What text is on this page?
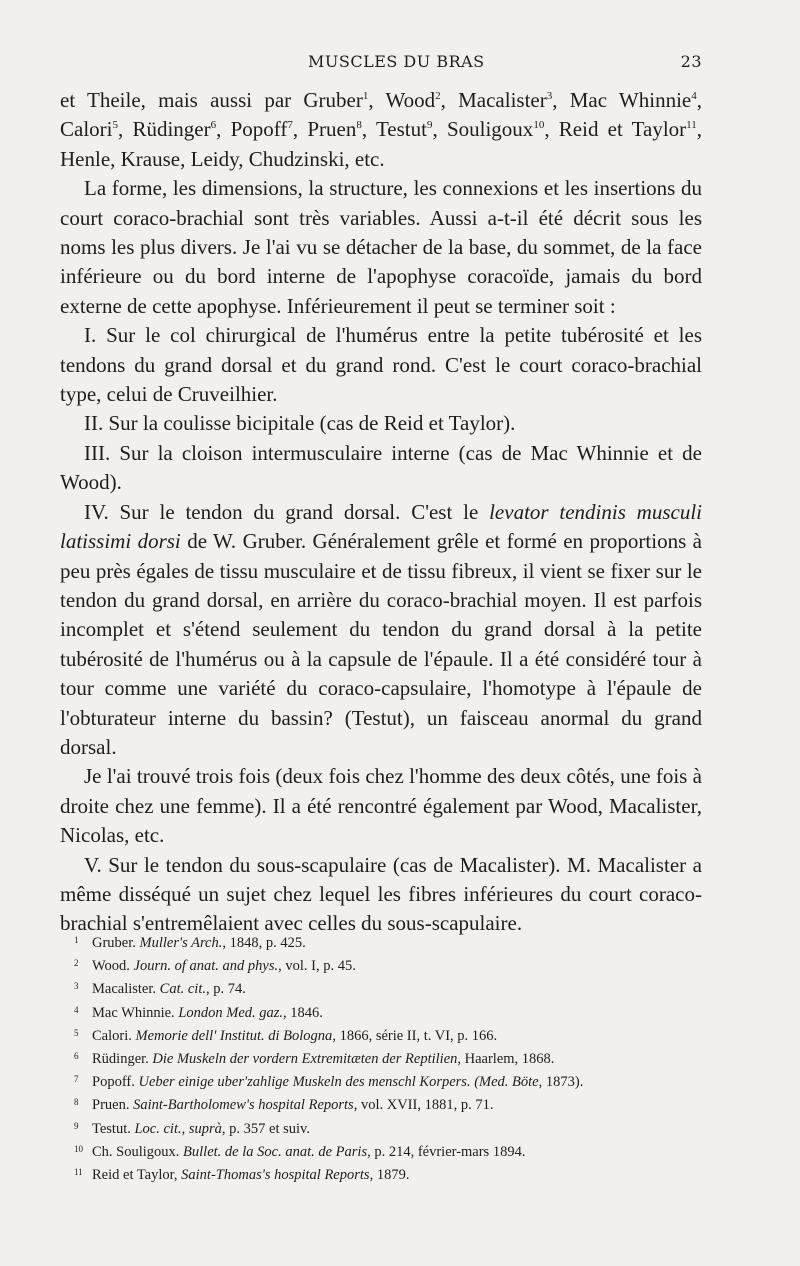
MUSCLES DU BRAS	23

et Theile, mais aussi par Gruber$^1$, Wood$^2$, Macalister$^3$, Mac Whinnie$^4$, Calori$^5$, Rüdinger$^6$, Popoff$^7$, Pruen$^8$, Testut$^9$, Souligoux$^{10}$, Reid et Taylor$^{11}$, Henle, Krause, Leidy, Chudzinski, etc.

La forme, les dimensions, la structure, les connexions et les insertions du court coraco-brachial sont très variables. Aussi a-t-il été décrit sous les noms les plus divers. Je l'ai vu se détacher de la base, du sommet, de la face inférieure ou du bord interne de l'apophyse coracoïde, jamais du bord externe de cette apophyse. Inférieurement il peut se terminer soit :

I. Sur le col chirurgical de l'humérus entre la petite tubérosité et les tendons du grand dorsal et du grand rond. C'est le court coraco-brachial type, celui de Cruveilhier.

II. Sur la coulisse bicipitale (cas de Reid et Taylor).

III. Sur la cloison intermusculaire interne (cas de Mac Whinnie et de Wood).

IV. Sur le tendon du grand dorsal. C'est le levator tendinis musculi latissimi dorsi de W. Gruber. Généralement grêle et formé en proportions à peu près égales de tissu musculaire et de tissu fibreux, il vient se fixer sur le tendon du grand dorsal, en arrière du coraco-brachial moyen. Il est parfois incomplet et s'étend seulement du tendon du grand dorsal à la petite tubérosité de l'humérus ou à la capsule de l'épaule. Il a été considéré tour à tour comme une variété du coraco-capsulaire, l'homotype à l'épaule de l'obturateur interne du bassin? (Testut), un faisceau anormal du grand dorsal.

Je l'ai trouvé trois fois (deux fois chez l'homme des deux côtés, une fois à droite chez une femme). Il a été rencontré également par Wood, Macalister, Nicolas, etc.

V. Sur le tendon du sous-scapulaire (cas de Macalister). M. Macalister a même disséqué un sujet chez lequel les fibres inférieures du court coraco-brachial s'entremêlaient avec celles du sous-scapulaire.

1 Gruber. Muller's Arch., 1848, p. 425.
2 Wood. Journ. of anat. and phys., vol. I, p. 45.
3 Macalister. Cat. cit., p. 74.
4 Mac Whinnie. London Med. gaz., 1846.
5 Calori. Memorie dell' Institut. di Bologna, 1866, série II, t. VI, p. 166.
6 Rüdinger. Die Muskeln der vordern Extremitæten der Reptilien, Haarlem, 1868.
7 Popoff. Ueber einige uber'zahlige Muskeln des menschl Korpers. (Med. Böte, 1873).
8 Pruen. Saint-Bartholomew's hospital Reports, vol. XVII, 1881, p. 71.
9 Testut. Loc. cit., suprà, p. 357 et suiv.
10 Ch. Souligoux. Bullet. de la Soc. anat. de Paris, p. 214, février-mars 1894.
11 Reid et Taylor, Saint-Thomas's hospital Reports, 1879.
